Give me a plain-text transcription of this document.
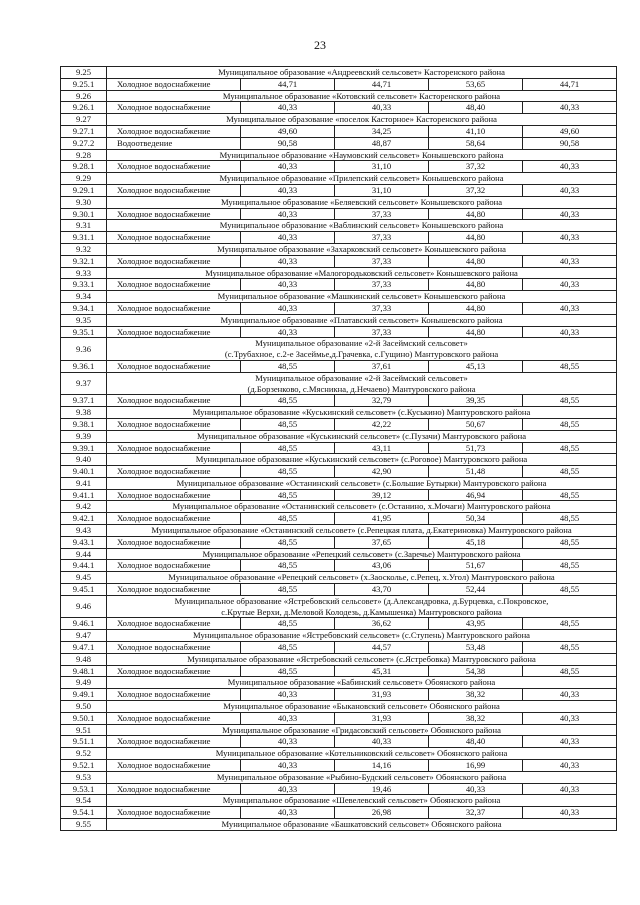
23
9.25	Муниципальное образование «Андреевский сельсовет» Касторенского района				

9.25.1	Холодное водоснабжение	44,71	44,71	53,65	44,71
9.26	Муниципальное образование «Котовский сельсовет» Касторенского района				

9.26.1	Холодное водоснабжение	40,33	40,33	48,40	40,33
9.27	Муниципальное образование «поселок Касторное» Касторенского района				

9.27.1	Холодное водоснабжение	49,60	34,25	41,10	49,60
9.27.2	Водоотведение	90,58	48,87	58,64	90,58
9.28	Муниципальное образование «Наумовский сельсовет» Конышевского района				

9.28.1	Холодное водоснабжение	40,33	31,10	37,32	40,33
9.29	Муниципальное образование «Прилепский сельсовет» Конышевского района				

9.29.1	Холодное водоснабжение	40,33	31,10	37,32	40,33
9.30	Муниципальное образование «Беляевский сельсовет» Конышевского района				

9.30.1	Холодное водоснабжение	40,33	37,33	44,80	40,33
9.31	Муниципальное образование «Ваблинский сельсовет» Конышевского района				

9.31.1	Холодное водоснабжение	40,33	37,33	44,80	40,33
9.32	Муниципальное образование «Захарковский сельсовет» Конышевского района				

9.32.1	Холодное водоснабжение	40,33	37,33	44,80	40,33
9.33	Муниципальное образование «Малогородьковский сельсовет» Конышевского района				

9.33.1	Холодное водоснабжение	40,33	37,33	44,80	40,33
9.34	Муниципальное образование «Машкинский сельсовет» Конышевского района				

9.34.1	Холодное водоснабжение	40,33	37,33	44,80	40,33
9.35	Муниципальное образование «Платавский сельсовет» Конышевского района				

9.35.1	Холодное водоснабжение	40,33	37,33	44,80	40,33
9.36	Муниципальное образование «2-й Засеймский сельсовет»
(с.Трубахное, с.2-е Засеймье,д.Грачевка, с.Гущино) Мантуровского района				

9.36.1	Холодное водоснабжение	48,55	37,61	45,13	48,55
9.37	Муниципальное образование «2-й Засеймский сельсовет»
(д.Борзенково, с.Мясникна, д.Нечаево) Мантуровского района				

9.37.1	Холодное водоснабжение	48,55	32,79	39,35	48,55
9.38	Муниципальное образование «Куськинский сельсовет» (с.Куськино) Мантуровского района				

9.38.1	Холодное водоснабжение	48,55	42,22	50,67	48,55
9.39	Муниципальное образование «Куськинский сельсовет» (с.Пузачи) Мантуровского района				

9.39.1	Холодное водоснабжение	48,55	43,11	51,73	48,55
9.40	Муниципальное образование «Куськинский сельсовет» (с.Роговое) Мантуровского района				

9.40.1	Холодное водоснабжение	48,55	42,90	51,48	48,55
9.41	Муниципальное образование «Останинский сельсовет» (с.Большие Бутырки) Мантуровского района				

9.41.1	Холодное водоснабжение	48,55	39,12	46,94	48,55
9.42	Муниципальное образование «Останинский сельсовет» (с.Останино, х.Мочаги) Мантуровского района				

9.42.1	Холодное водоснабжение	48,55	41,95	50,34	48,55
9.43	Муниципальное образование «Останинский сельсовет» (с.Репецкая плата, д.Екатериновка) Мантуровского района				

9.43.1	Холодное водоснабжение	48,55	37,65	45,18	48,55
9.44	Муниципальное образование «Репецкий сельсовет» (с.Заречье) Мантуровского района				

9.44.1	Холодное водоснабжение	48,55	43,06	51,67	48,55
9.45	Муниципальное образование «Репецкий сельсовет» (х.Заосколье, с.Репец, х.Угол) Мантуровского района				

9.45.1	Холодное водоснабжение	48,55	43,70	52,44	48,55
9.46	Муниципальное образование «Ястребовский сельсовет» (д.Александровка, д.Бурцевка, с.Покровское,
с.Крутые Верхи, д.Меловой Колодезь, д.Камышенка) Мантуровского района				

9.46.1	Холодное водоснабжение	48,55	36,62	43,95	48,55
9.47	Муниципальное образование «Ястребовский сельсовет» (с.Ступень) Мантуровского района				

9.47.1	Холодное водоснабжение	48,55	44,57	53,48	48,55
9.48	Муниципальное образование «Ястребовский сельсовет» (с.Ястребовка) Мантуровского района				

9.48.1	Холодное водоснабжение	48,55	45,31	54,38	48,55
9.49	Муниципальное образование «Бабинский сельсовет» Обоянского района				

9.49.1	Холодное водоснабжение	40,33	31,93	38,32	40,33
9.50	Муниципальное образование «Быкановский сельсовет» Обоянского района				

9.50.1	Холодное водоснабжение	40,33	31,93	38,32	40,33
9.51	Муниципальное образование «Гридасовский сельсовет» Обоянского района				

9.51.1	Холодное водоснабжение	40,33	40,33	48,40	40,33
9.52	Муниципальное образование «Котельниковский сельсовет» Обоянского района				

9.52.1	Холодное водоснабжение	40,33	14,16	16,99	40,33
9.53	Муниципальное образование «Рыбино-Будский сельсовет» Обоянского района				

9.53.1	Холодное водоснабжение	40,33	19,46	40,33	40,33
9.54	Муниципальное образование «Шевелевский сельсовет» Обоянского района				

9.54.1	Холодное водоснабжение	40,33	26,98	32,37	40,33
9.55	Муниципальное образование «Башкатовский сельсовет» Обоянского района				
